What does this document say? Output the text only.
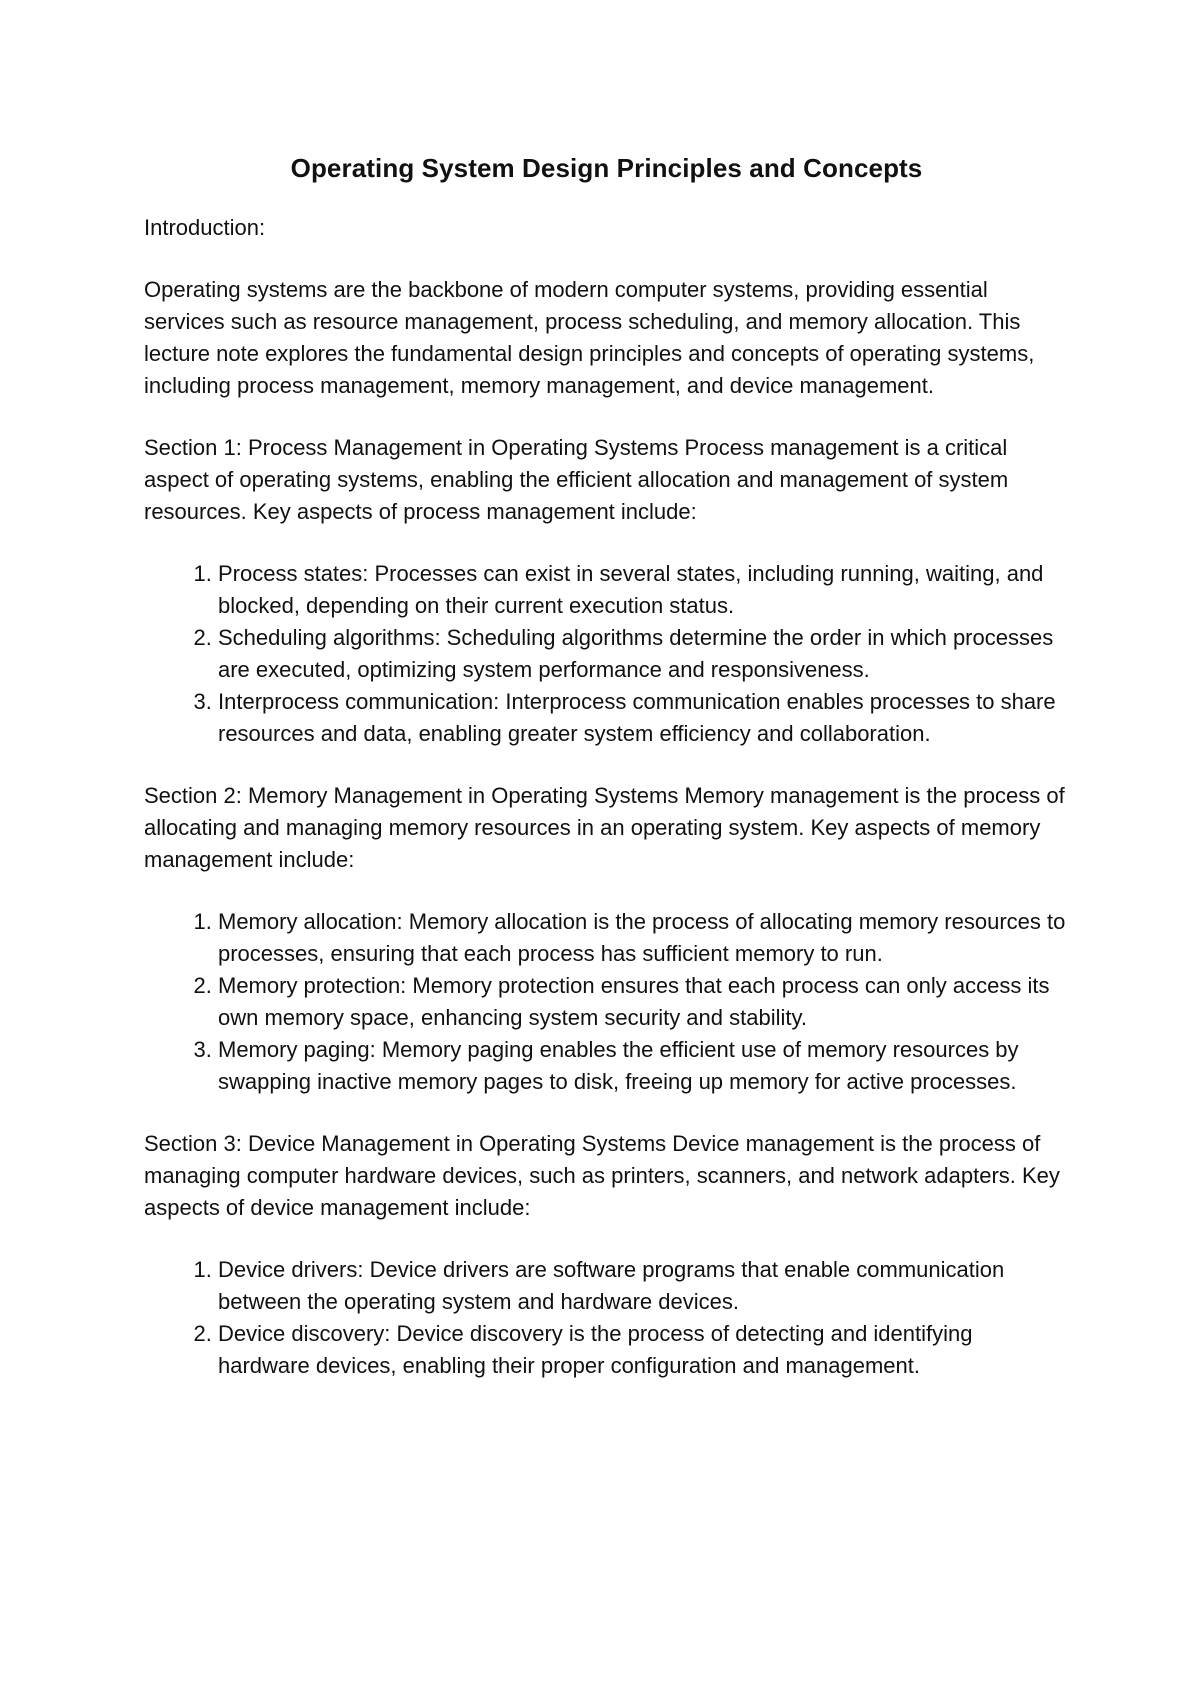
Operating System Design Principles and Concepts

Introduction:

Operating systems are the backbone of modern computer systems, providing essential services such as resource management, process scheduling, and memory allocation. This lecture note explores the fundamental design principles and concepts of operating systems, including process management, memory management, and device management.

Section 1: Process Management in Operating Systems Process management is a critical aspect of operating systems, enabling the efficient allocation and management of system resources. Key aspects of process management include:

1. Process states: Processes can exist in several states, including running, waiting, and blocked, depending on their current execution status.
2. Scheduling algorithms: Scheduling algorithms determine the order in which processes are executed, optimizing system performance and responsiveness.
3. Interprocess communication: Interprocess communication enables processes to share resources and data, enabling greater system efficiency and collaboration.

Section 2: Memory Management in Operating Systems Memory management is the process of allocating and managing memory resources in an operating system. Key aspects of memory management include:

1. Memory allocation: Memory allocation is the process of allocating memory resources to processes, ensuring that each process has sufficient memory to run.
2. Memory protection: Memory protection ensures that each process can only access its own memory space, enhancing system security and stability.
3. Memory paging: Memory paging enables the efficient use of memory resources by swapping inactive memory pages to disk, freeing up memory for active processes.

Section 3: Device Management in Operating Systems Device management is the process of managing computer hardware devices, such as printers, scanners, and network adapters. Key aspects of device management include:

1. Device drivers: Device drivers are software programs that enable communication between the operating system and hardware devices.
2. Device discovery: Device discovery is the process of detecting and identifying hardware devices, enabling their proper configuration and management.
